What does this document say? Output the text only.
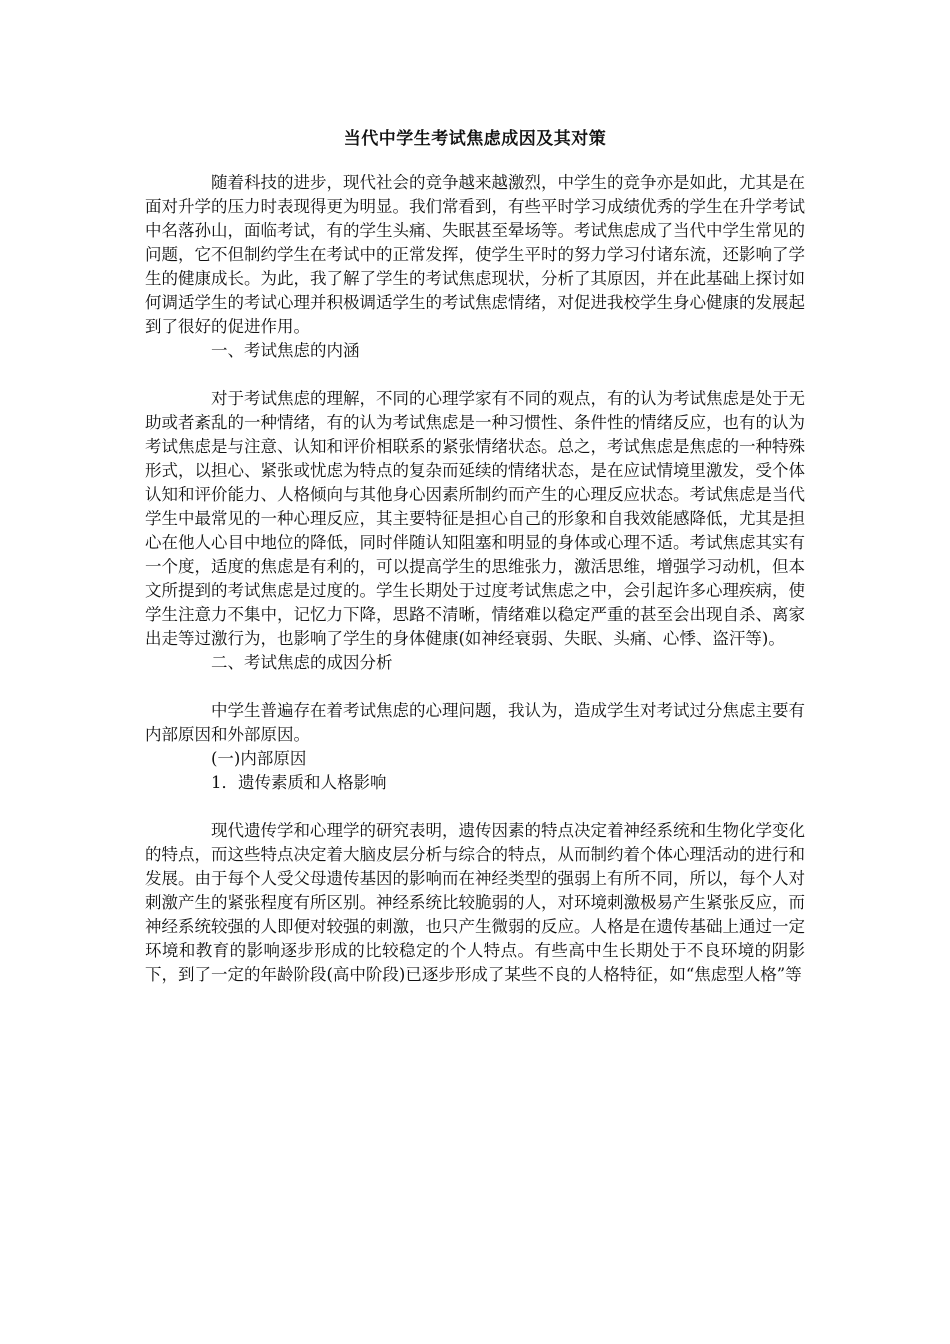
当代中学生考试焦虑成因及其对策

随着科技的进步，现代社会的竞争越来越激烈，中学生的竞争亦是如此，尤其是在面对升学的压力时表现得更为明显。我们常看到，有些平时学习成绩优秀的学生在升学考试中名落孙山，面临考试，有的学生头痛、失眠甚至晕场等。考试焦虑成了当代中学生常见的问题，它不但制约学生在考试中的正常发挥，使学生平时的努力学习付诸东流，还影响了学生的健康成长。为此，我了解了学生的考试焦虑现状，分析了其原因，并在此基础上探讨如何调适学生的考试心理并积极调适学生的考试焦虑情绪，对促进我校学生身心健康的发展起到了很好的促进作用。

一、考试焦虑的内涵

对于考试焦虑的理解，不同的心理学家有不同的观点，有的认为考试焦虑是处于无助或者紊乱的一种情绪，有的认为考试焦虑是一种习惯性、条件性的情绪反应，也有的认为考试焦虑是与注意、认知和评价相联系的紧张情绪状态。总之，考试焦虑是焦虑的一种特殊形式，以担心、紧张或忧虑为特点的复杂而延续的情绪状态，是在应试情境里激发，受个体认知和评价能力、人格倾向与其他身心因素所制约而产生的心理反应状态。考试焦虑是当代学生中最常见的一种心理反应，其主要特征是担心自己的形象和自我效能感降低，尤其是担心在他人心目中地位的降低，同时伴随认知阻塞和明显的身体或心理不适。考试焦虑其实有一个度，适度的焦虑是有利的，可以提高学生的思维张力，激活思维，增强学习动机，但本文所提到的考试焦虑是过度的。学生长期处于过度考试焦虑之中，会引起许多心理疾病，使学生注意力不集中，记忆力下降，思路不清晰，情绪难以稳定严重的甚至会出现自杀、离家出走等过激行为，也影响了学生的身体健康(如神经衰弱、失眠、头痛、心悸、盗汗等)。

二、考试焦虑的成因分析

中学生普遍存在着考试焦虑的心理问题，我认为，造成学生对考试过分焦虑主要有内部原因和外部原因。

(一)内部原因

1．遗传素质和人格影响

现代遗传学和心理学的研究表明，遗传因素的特点决定着神经系统和生物化学变化的特点，而这些特点决定着大脑皮层分析与综合的特点，从而制约着个体心理活动的进行和发展。由于每个人受父母遗传基因的影响而在神经类型的强弱上有所不同，所以，每个人对刺激产生的紧张程度有所区别。神经系统比较脆弱的人，对环境刺激极易产生紧张反应，而神经系统较强的人即便对较强的刺激，也只产生微弱的反应。人格是在遗传基础上通过一定环境和教育的影响逐步形成的比较稳定的个人特点。有些高中生长期处于不良环境的阴影下，到了一定的年龄阶段(高中阶段)已逐步形成了某些不良的人格特征，如“焦虑型人格”等
